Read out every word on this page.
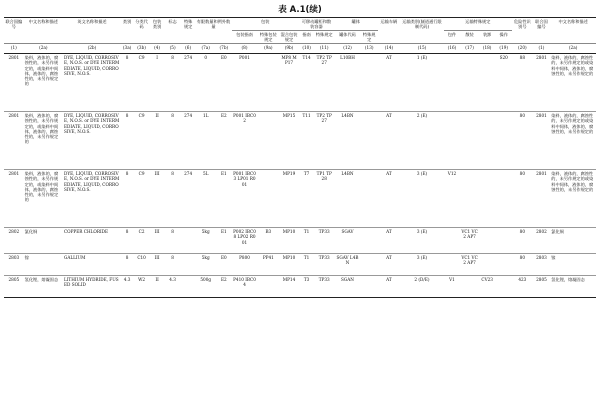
表 A.1(续)
联合国编号	中文名称和描述	英文名称和描述	类别	分类代码	包装类别	标志	特殊规定	有限数量和例外数量		包装			可移动罐柜和散装容器		罐体		运输车辆	运输类别(隧道通行限制代码)	运输特殊规定				危险性识别号	联合国编号	中文名称和描述
										包装指南	特殊包装规定	混合包装规定	指南	特殊规定	罐体代码	特殊规定			包件	散装	装卸	操作			
(1)	(2a)	(2b)	(3a)	(3b)	(4)	(5)	(6)	(7a)	(7b)	(8)	(9a)	(9b)	(10)	(11)	(12)	(13)	(14)	(15)	(16)	(17)	(18)	(19)	(20)	(1)	(2a)
2801	染料，液体的，腐蚀性的，未另作规定的，或染料中间体，液体的，腐蚀性的，未另作规定的	DYE, LIQUID, CORROSIVE, N.O.S. or DYE INTERMEDIATE, LIQUID, CORROSIVE, N.O.S.	8	C9	I	8	274	0	E0	P001		MP8 MP17	T14	TP2 TP27	L10BH		AT	1 (E)				S20	88	2801	染料，液体的，腐蚀性的，未另作规定的或染料中间体，液体的，腐蚀性的，未另作规定的
2801	染料，液体的，腐蚀性的，未另作规定的，或染料中间体，液体的，腐蚀性的，未另作规定的	DYE, LIQUID, CORROSIVE, N.O.S. or DYE INTERMEDIATE, LIQUID, CORROSIVE, N.O.S.	8	C9	II	8	274	1L	E2	P001 IBC02		MP15	T11	TP2 TP27	L4BN		AT	2 (E)					80	2801	染料，液体的，腐蚀性的，未另作规定的或染料中间体，液体的，腐蚀性的，未另作规定的
2801	染料，液体的，腐蚀性的，未另作规定的，或染料中间体，液体的，腐蚀性的，未另作规定的	DYE, LIQUID, CORROSIVE, N.O.S. or DYE INTERMEDIATE, LIQUID, CORROSIVE, N.O.S.	8	C9	III	8	274	5L	E1	P001 IBC03 LP01 R001		MP19	T7	TP1 TP28	L4BN		AT	3 (E)	V12				80	2801	染料，液体的，腐蚀性的，未另作规定的或染料中间体，液体的，腐蚀性的，未另作规定的
2802	氯化铜	COPPER CHLORIDE	8	C2	III	8		5kg	E1	P002 IBC08 LP02 R001	B3	MP10	T1	TP33	SGAV		AT	3 (E)		VC1 VC2 AP7			80	2802	氯化铜
2803	镓	GALLIUM	8	C10	III	8		5kg	E0	P800	PP41	MP10	T1	TP33	SGAV L4BN		AT	3 (E)		VC1 VC2 AP7			80	2803	镓
2805	氢化锂，熔凝固态	LITHIUM HYDRIDE, FUSED SOLID	4.3	W2	II	4.3		500g	E2	P410 IBC04		MP14	T3	TP33	SGAN		AT	2 (D/E)	V1		CV23		423	2805	氢化锂，熔凝固态
